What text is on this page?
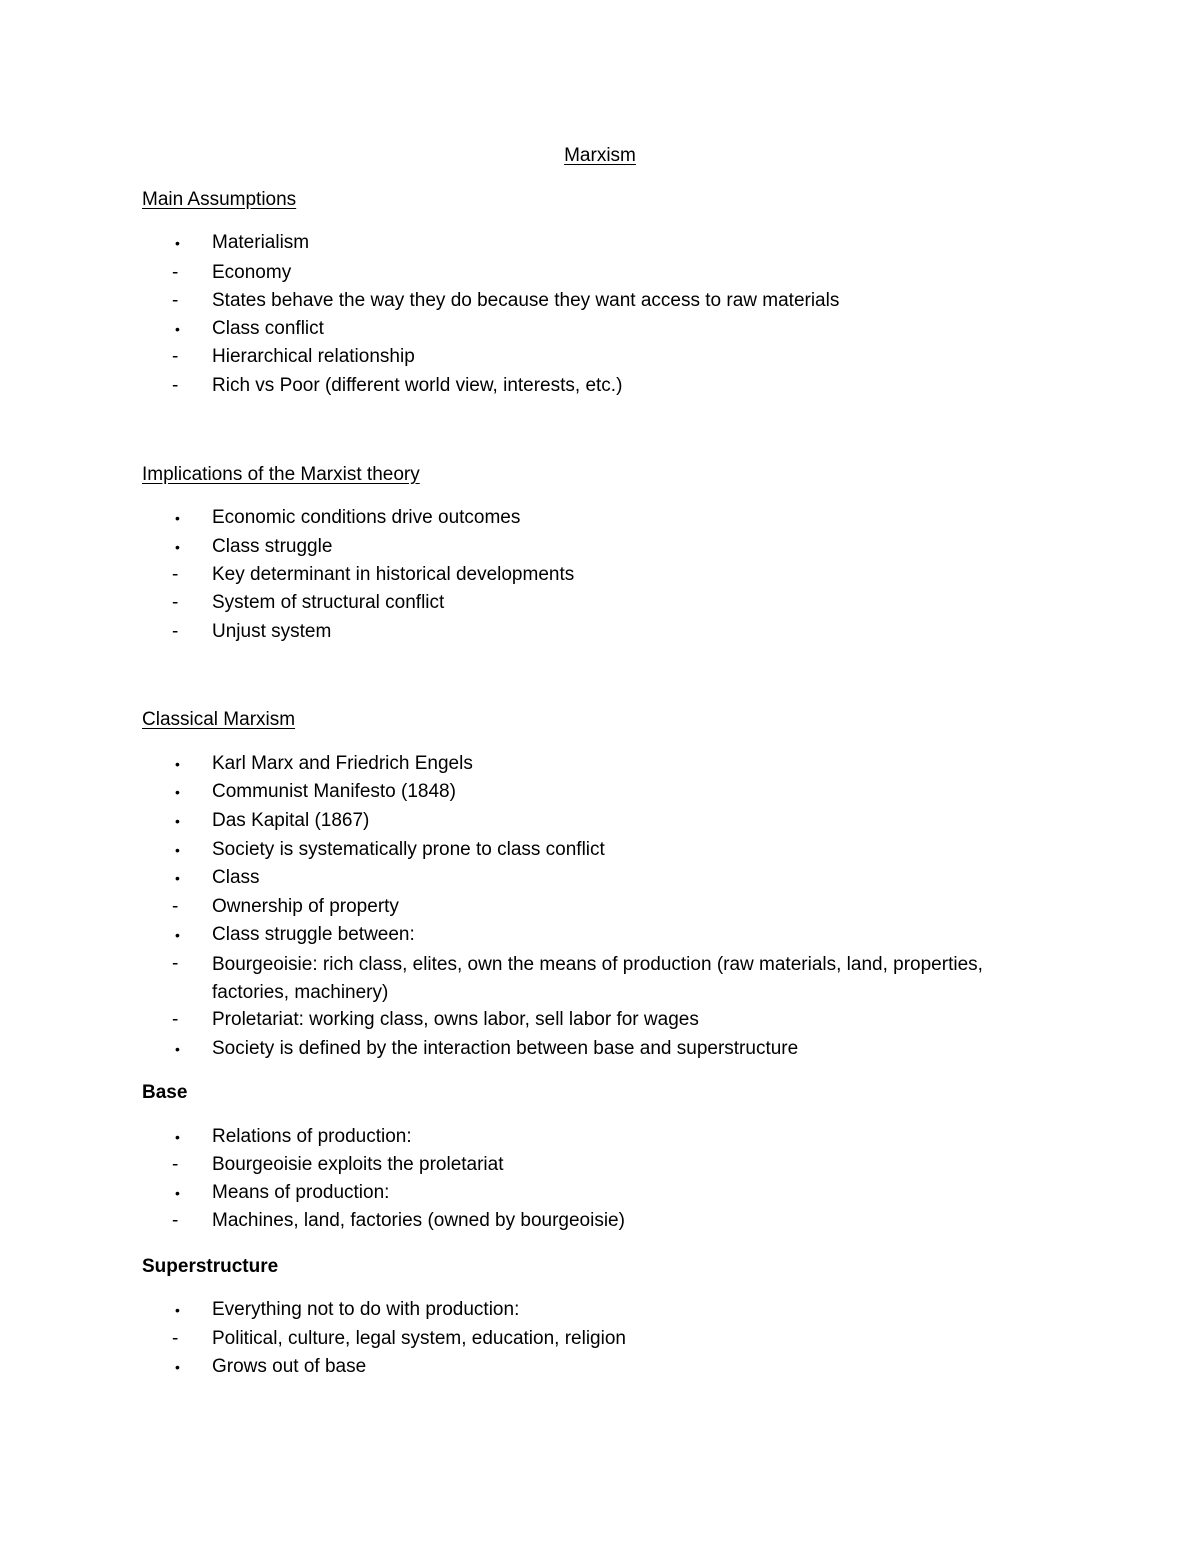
Marxism
Main Assumptions
•	Materialism
-	Economy
-	States behave the way they do because they want access to raw materials
•	Class conflict
-	Hierarchical relationship
-	Rich vs Poor (different world view, interests, etc.)
Implications of the Marxist theory
•	Economic conditions drive outcomes
•	Class struggle
-	Key determinant in historical developments
-	System of structural conflict
-	Unjust system
Classical Marxism
•	Karl Marx and Friedrich Engels
•	Communist Manifesto (1848)
•	Das Kapital (1867)
•	Society is systematically prone to class conflict
•	Class
-	Ownership of property
•	Class struggle between:
-	Bourgeoisie: rich class, elites, own the means of production (raw materials, land, properties, factories, machinery)
-	Proletariat: working class, owns labor, sell labor for wages
•	Society is defined by the interaction between base and superstructure
Base
•	Relations of production:
-	Bourgeoisie exploits the proletariat
•	Means of production:
-	Machines, land, factories (owned by bourgeoisie)
Superstructure
•	Everything not to do with production:
-	Political, culture, legal system, education, religion
•	Grows out of base
